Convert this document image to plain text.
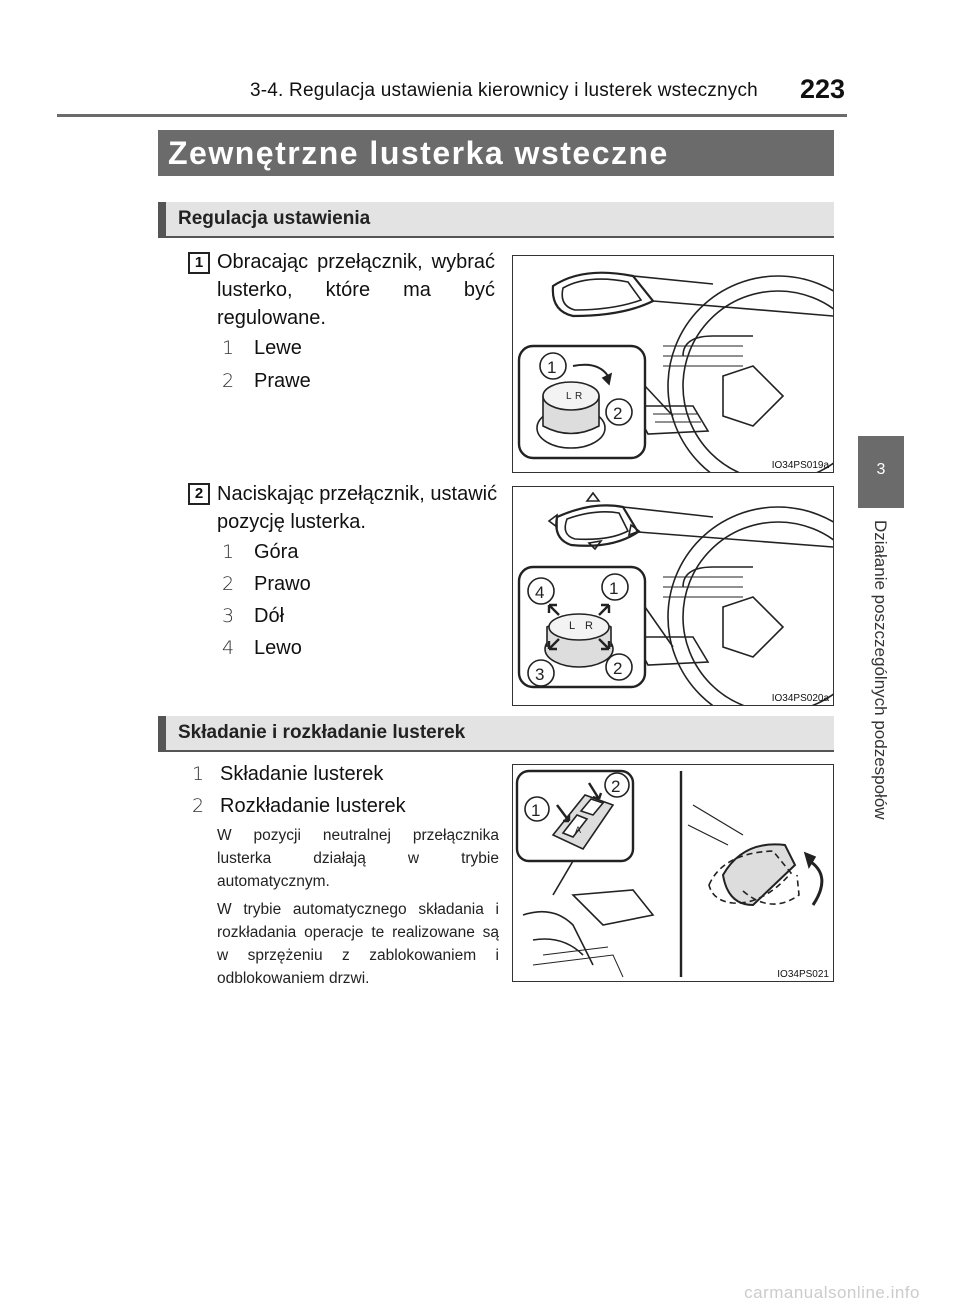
3-4. Regulacja ustawienia kierownicy i lusterek wstecznych 223
3
Działanie poszczególnych podzespołów
Zewnętrzne lusterka wsteczne
Regulacja ustawienia
1 Obracając przełącznik, wybrać lusterko, które ma być regulowane.
1 Lewe
2 Prawe
2 Naciskając przełącznik, ustawić pozycję lusterka.
1 Góra
2 Prawo
3 Dół
4 Lewo
L R
1
2
IO34PS019a
L R
4	1
3	2
IO34PS020a
Składanie i rozkładanie lusterek
1 Składanie lusterek
2 Rozkładanie lusterek
W pozycji neutralnej przełącznika lusterka działają w trybie automatycznym.
W trybie automatycznego składania i rozkładania operacje te realizowane są w sprzężeniu z zablokowaniem i odblokowaniem drzwi.
A
2
1
IO34PS021
carmanualsonline.info
